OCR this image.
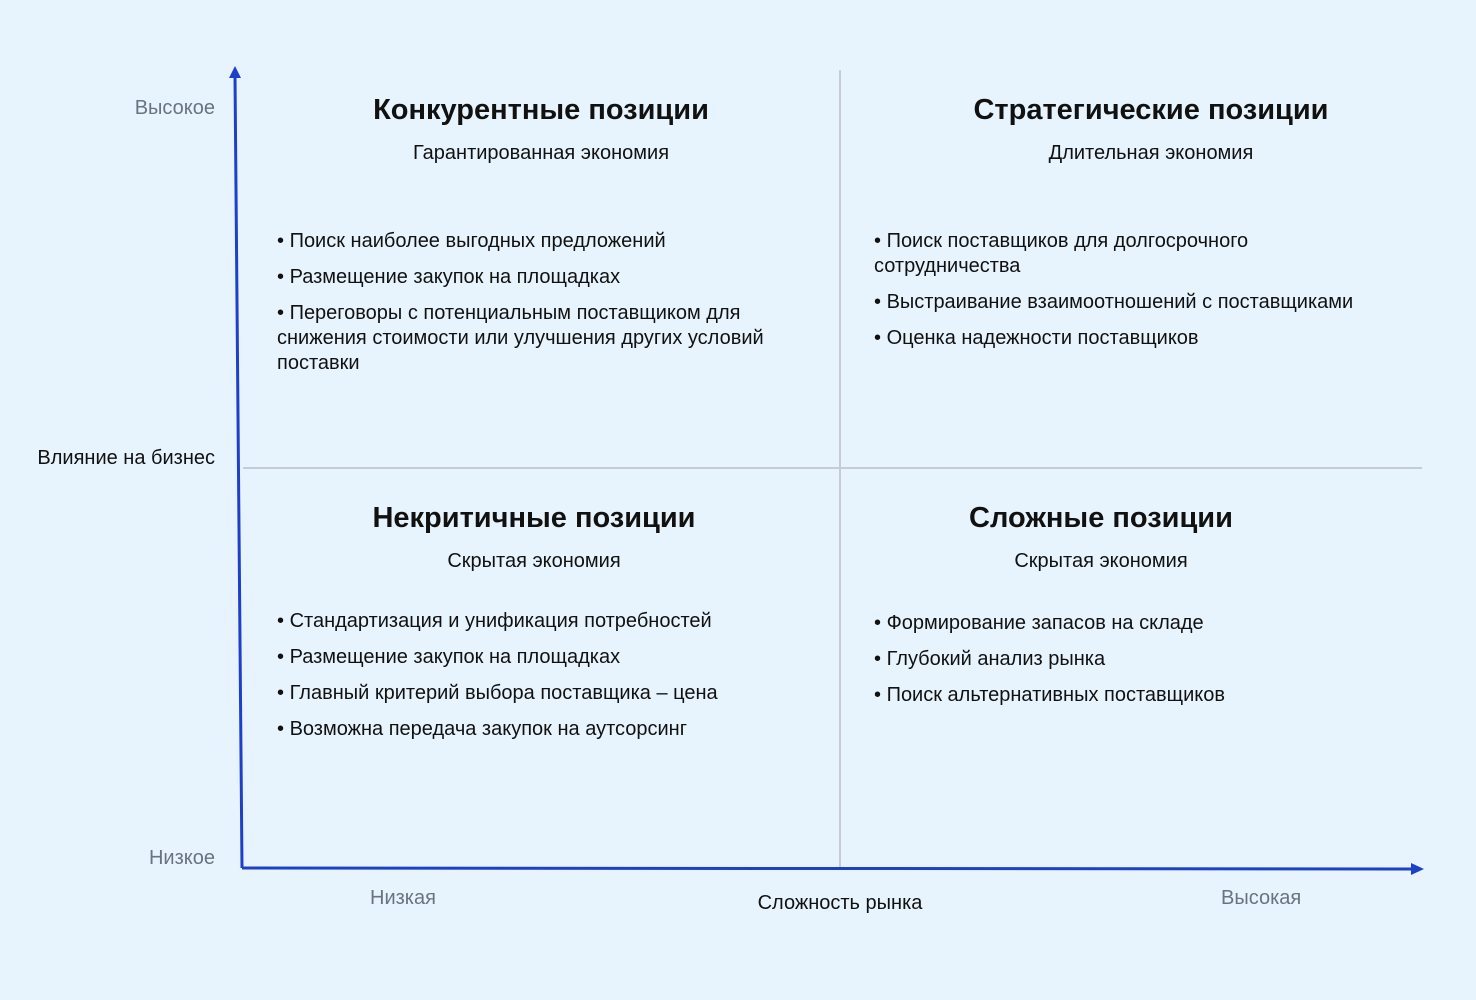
Высокое
Влияние на бизнес
Низкое
Низкая	Сложность рынка	Высокая
Конкурентные позиции
Гарантированная экономия
• Поиск наиболее выгодных предложений
• Размещение закупок на площадках
• Переговоры с потенциальным поставщиком для снижения стоимости или улучшения других условий поставки
Стратегические позиции
Длительная экономия
• Поиск поставщиков для долгосрочного сотрудничества
• Выстраивание взаимоотношений с поставщиками
• Оценка надежности поставщиков
Некритичные позиции
Скрытая экономия
• Стандартизация и унификация потребностей
• Размещение закупок на площадках
• Главный критерий выбора поставщика – цена
• Возможна передача закупок на аутсорсинг
Сложные позиции
Скрытая экономия
• Формирование запасов на складе
• Глубокий анализ рынка
• Поиск альтернативных поставщиков
